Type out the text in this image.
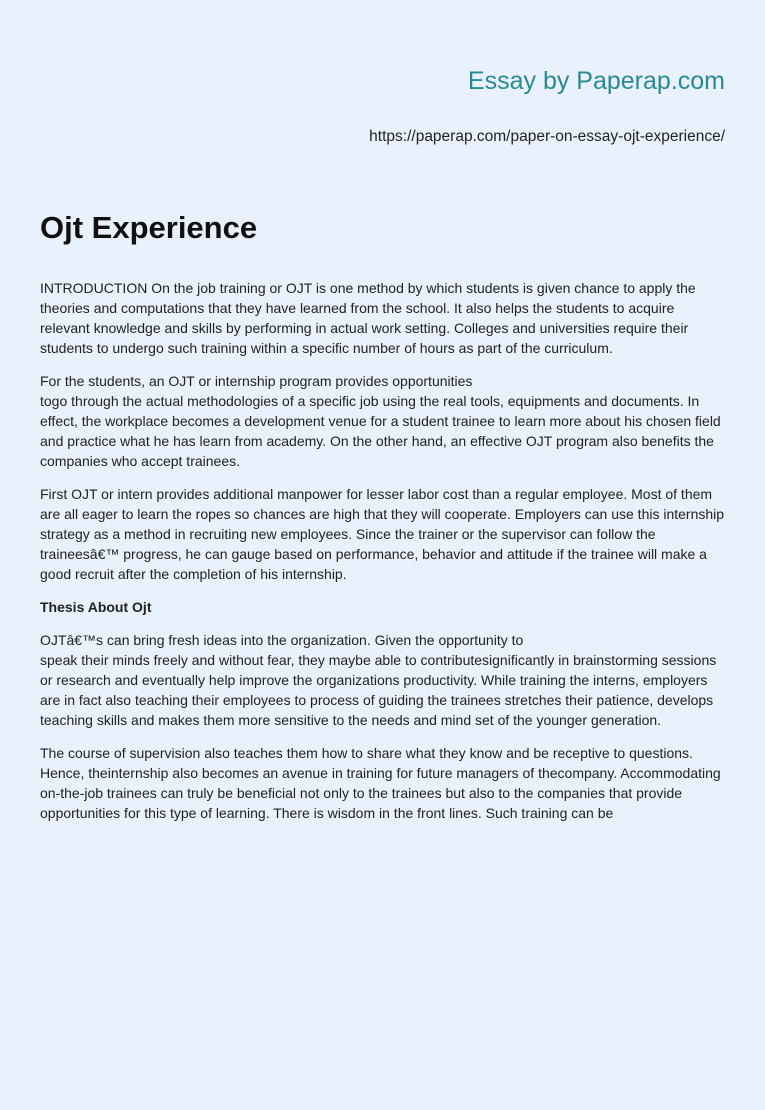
Essay by Paperap.com
https://paperap.com/paper-on-essay-ojt-experience/
Ojt Experience

INTRODUCTION On the job training or OJT is one method by which students is given chance to apply the theories and computations that they have learned from the school. It also helps the students to acquire relevant knowledge and skills by performing in actual work setting. Colleges and universities require their students to undergo such training within a specific number of hours as part of the curriculum.

For the students, an OJT or internship program provides opportunities
togo through the actual methodologies of a specific job using the real tools, equipments and documents. In effect, the workplace becomes a development venue for a student trainee to learn more about his chosen field and practice what he has learn from academy. On the other hand, an effective OJT program also benefits the companies who accept trainees.

First OJT or intern provides additional manpower for lesser labor cost than a regular employee. Most of them are all eager to learn the ropes so chances are high that they will cooperate. Employers can use this internship strategy as a method in recruiting new employees. Since the trainer or the supervisor can follow the traineesâ€™ progress, he can gauge based on performance, behavior and attitude if the trainee will make a good recruit after the completion of his internship.

Thesis About Ojt

OJTâ€™s can bring fresh ideas into the organization. Given the opportunity to
speak their minds freely and without fear, they maybe able to contributesignificantly in brainstorming sessions or research and eventually help improve the organizations productivity. While training the interns, employers are in fact also teaching their employees to process of guiding the trainees stretches their patience, develops teaching skills and makes them more sensitive to the needs and mind set of the younger generation.

The course of supervision also teaches them how to share what they know and be receptive to questions. Hence, theinternship also becomes an avenue in training for future managers of thecompany. Accommodating on-the-job trainees can truly be beneficial not only to the trainees but also to the companies that provide opportunities for this type of learning. There is wisdom in the front lines. Such training can be
